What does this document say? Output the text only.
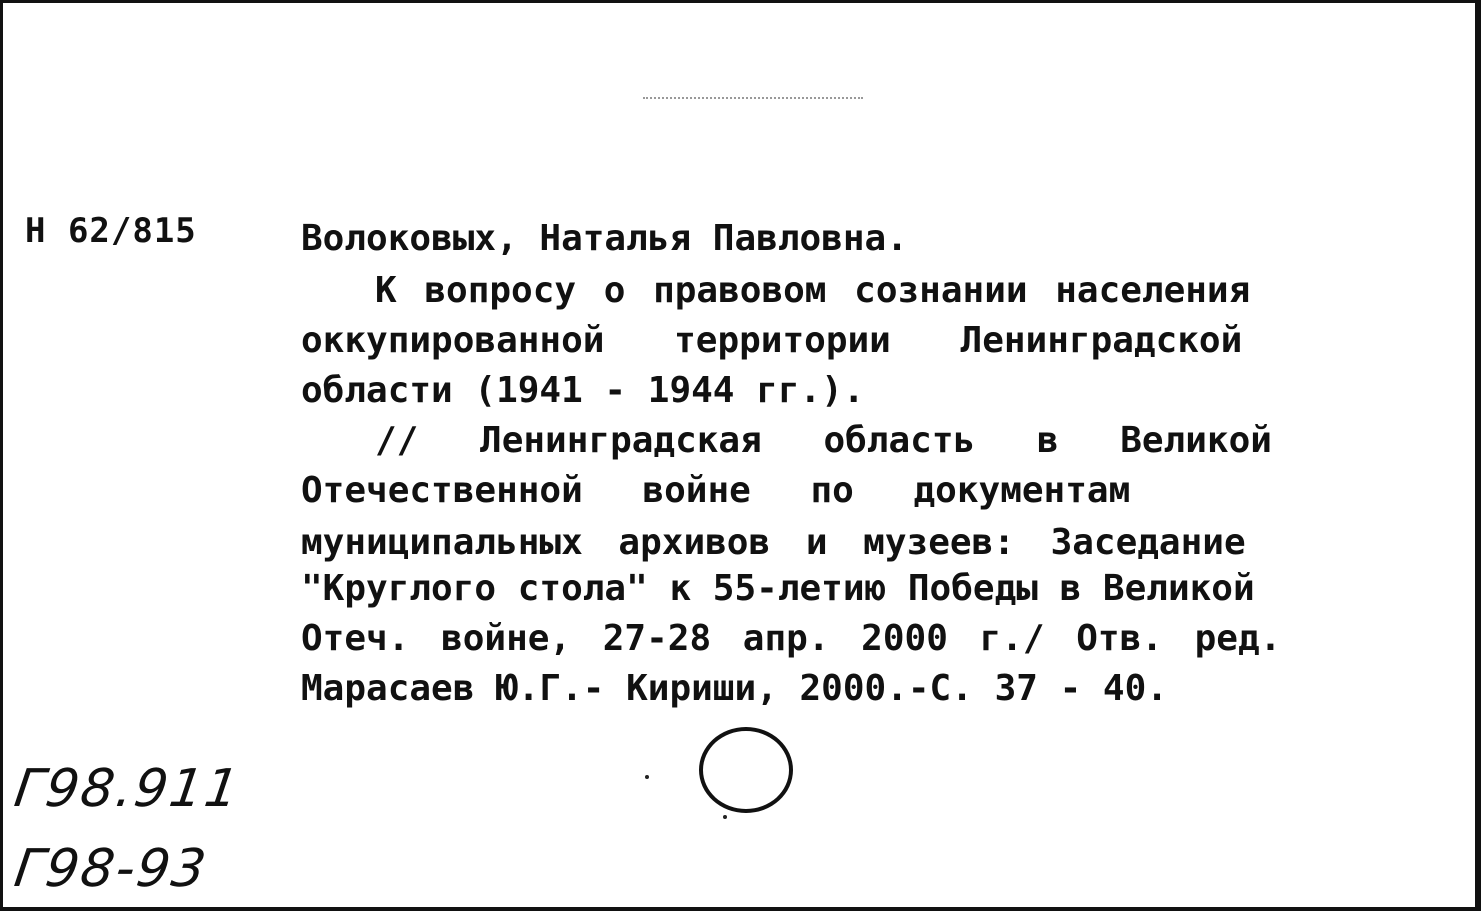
Н 62/815	Волоковых, Наталья Павловна.
К вопросу о правовом сознании населения
оккупированной территории Ленинградской
области (1941 - 1944 гг.).
// Ленинградская область в Великой
Отечественной войне по документам
муниципальных архивов и музеев: Заседание
"Круглого стола" к 55-летию Победы в Великой
Отеч. войне, 27-28 апр. 2000 г./ Отв. ред.
Марасаев Ю.Г.- Кириши, 2000.-С. 37 - 40.
Г98.911
Г98-93
